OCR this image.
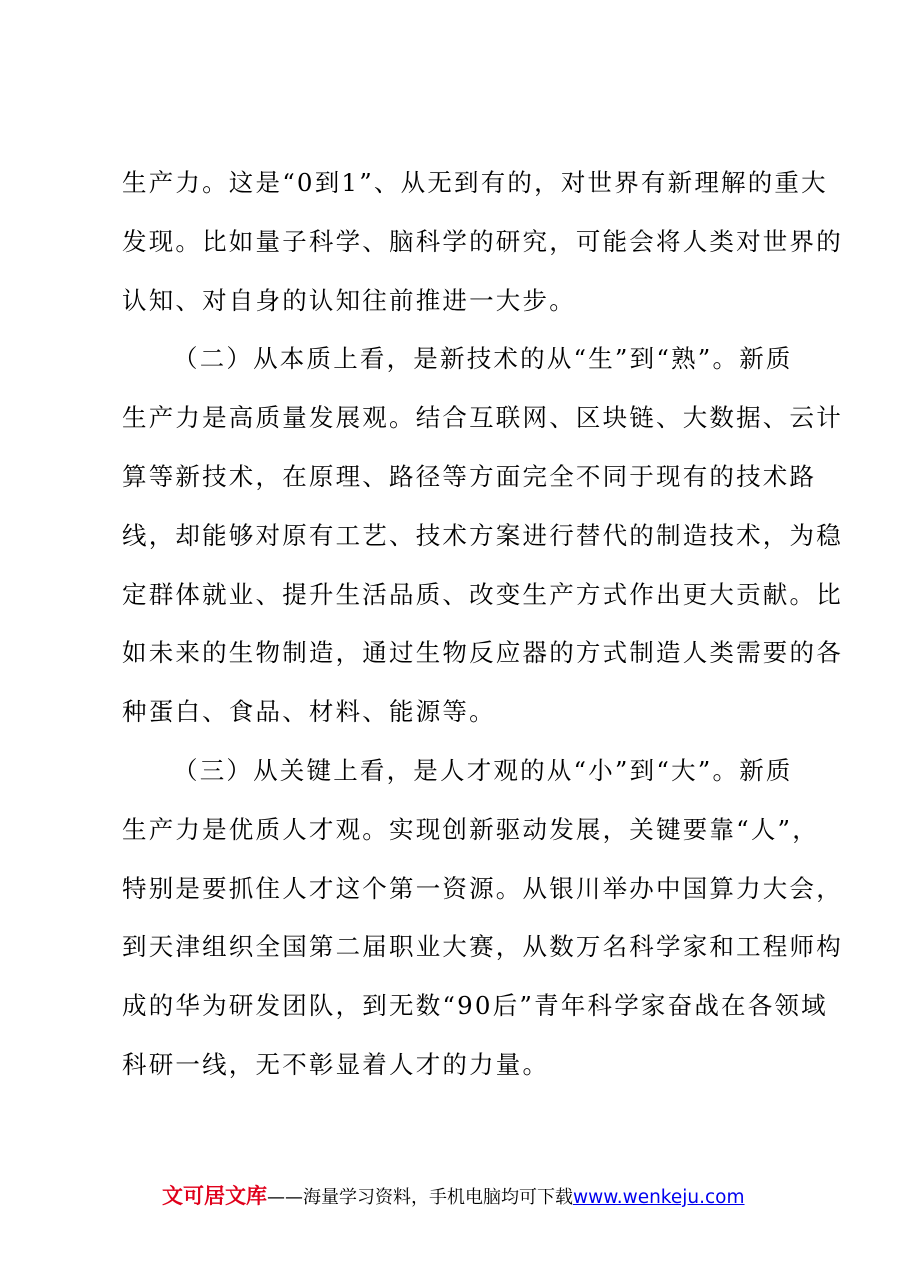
生产力。这是“0到1”、从无到有的，对世界有新理解的重大
发现。比如量子科学、脑科学的研究，可能会将人类对世界的
认知、对自身的认知往前推进一大步。
（二）从本质上看，是新技术的从“生”到“熟”。新质
生产力是高质量发展观。结合互联网、区块链、大数据、云计
算等新技术，在原理、路径等方面完全不同于现有的技术路
线，却能够对原有工艺、技术方案进行替代的制造技术，为稳
定群体就业、提升生活品质、改变生产方式作出更大贡献。比
如未来的生物制造，通过生物反应器的方式制造人类需要的各
种蛋白、食品、材料、能源等。
（三）从关键上看，是人才观的从“小”到“大”。新质
生产力是优质人才观。实现创新驱动发展，关键要靠“人”，
特别是要抓住人才这个第一资源。从银川举办中国算力大会，
到天津组织全国第二届职业大赛，从数万名科学家和工程师构
成的华为研发团队，到无数“90后”青年科学家奋战在各领域
科研一线，无不彰显着人才的力量。
文可居文库——海量学习资料，手机电脑均可下载www.wenkeju.com
